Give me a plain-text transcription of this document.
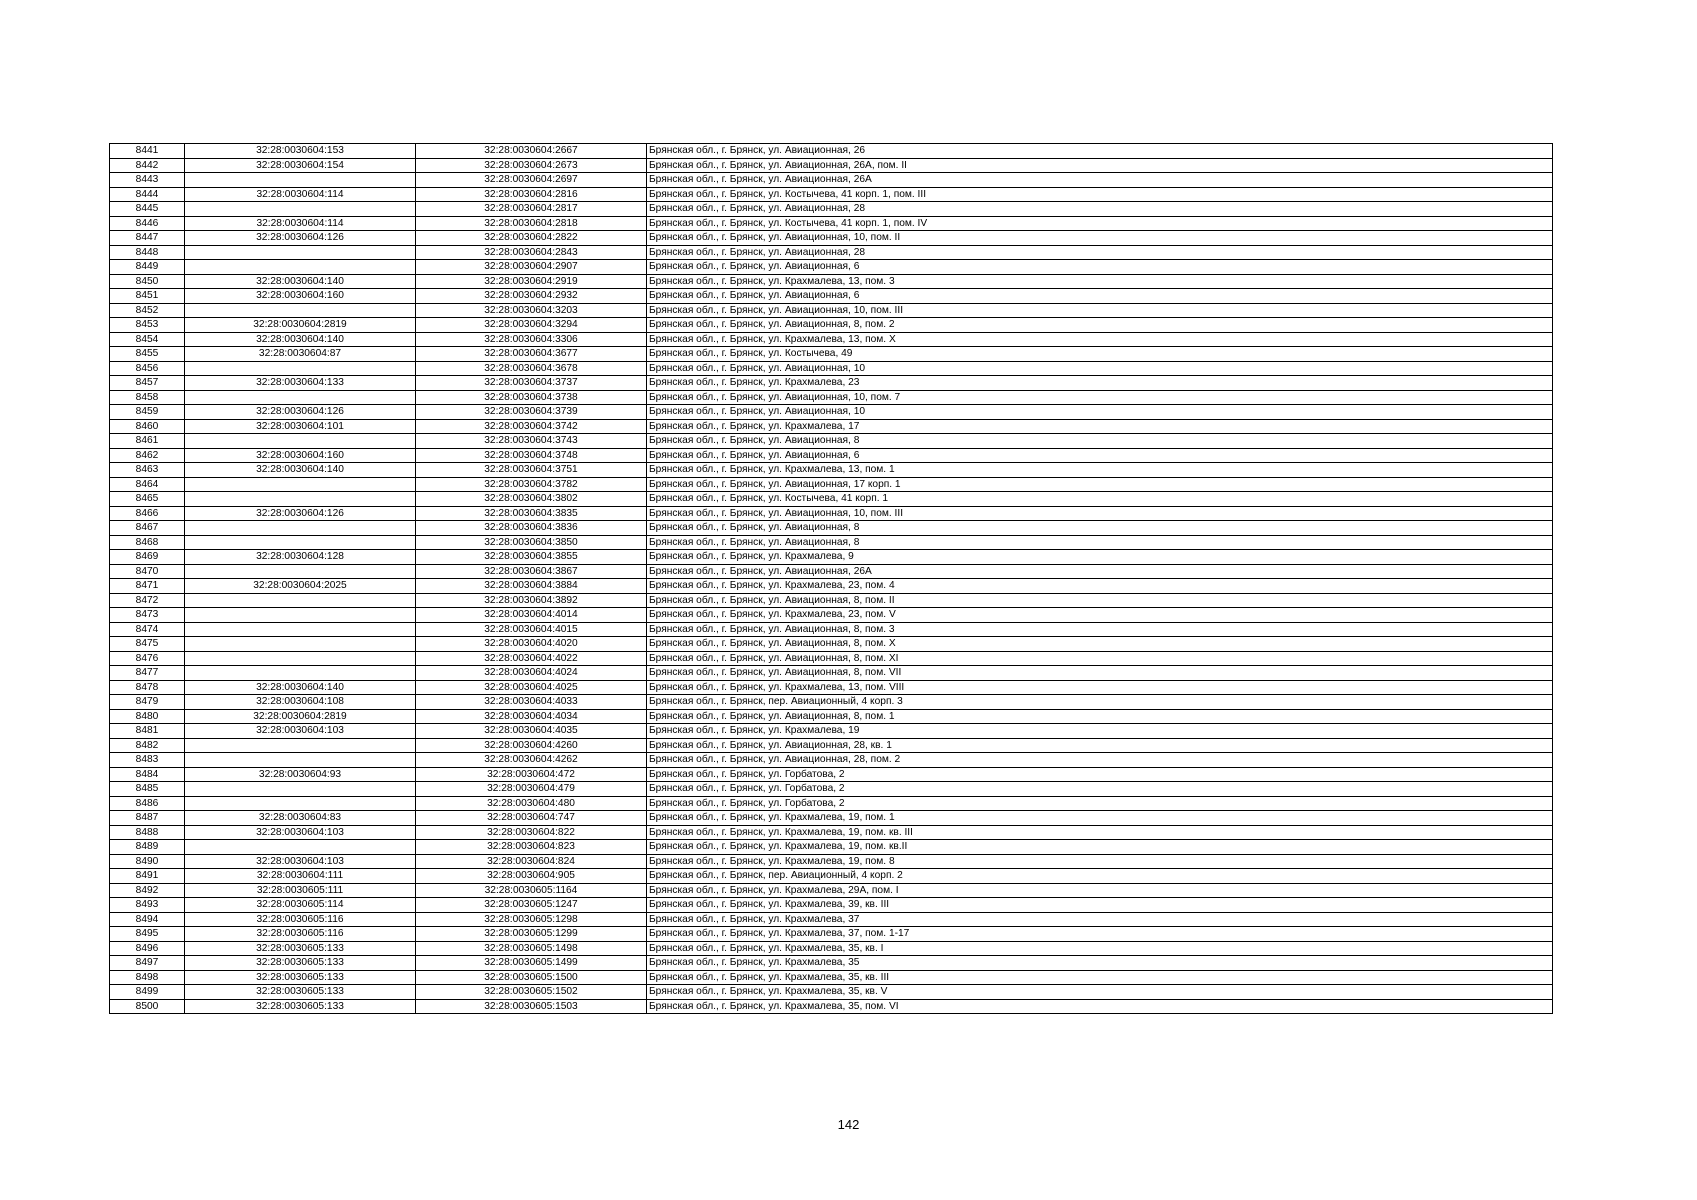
8441	32:28:0030604:153	32:28:0030604:2667	Брянская обл., г. Брянск, ул. Авиационная, 26
8442	32:28:0030604:154	32:28:0030604:2673	Брянская обл., г. Брянск, ул. Авиационная, 26А, пом. II
8443		32:28:0030604:2697	Брянская обл., г. Брянск, ул. Авиационная, 26А
8444	32:28:0030604:114	32:28:0030604:2816	Брянская обл., г. Брянск, ул. Костычева, 41 корп. 1, пом. III
8445		32:28:0030604:2817	Брянская обл., г. Брянск, ул. Авиационная, 28
8446	32:28:0030604:114	32:28:0030604:2818	Брянская обл., г. Брянск, ул. Костычева, 41 корп. 1, пом. IV
8447	32:28:0030604:126	32:28:0030604:2822	Брянская обл., г. Брянск, ул. Авиационная, 10, пом. II
8448		32:28:0030604:2843	Брянская обл., г. Брянск, ул. Авиационная, 28
8449		32:28:0030604:2907	Брянская обл., г. Брянск, ул. Авиационная, 6
8450	32:28:0030604:140	32:28:0030604:2919	Брянская обл., г. Брянск, ул. Крахмалева, 13, пом. 3
8451	32:28:0030604:160	32:28:0030604:2932	Брянская обл., г. Брянск, ул. Авиационная, 6
8452		32:28:0030604:3203	Брянская обл., г. Брянск, ул. Авиационная, 10, пом. III
8453	32:28:0030604:2819	32:28:0030604:3294	Брянская обл., г. Брянск, ул. Авиационная, 8, пом. 2
8454	32:28:0030604:140	32:28:0030604:3306	Брянская обл., г. Брянск, ул. Крахмалева, 13, пом. X
8455	32:28:0030604:87	32:28:0030604:3677	Брянская обл., г. Брянск, ул. Костычева, 49
8456		32:28:0030604:3678	Брянская обл., г. Брянск, ул. Авиационная, 10
8457	32:28:0030604:133	32:28:0030604:3737	Брянская обл., г. Брянск, ул. Крахмалева, 23
8458		32:28:0030604:3738	Брянская обл., г. Брянск, ул. Авиационная, 10, пом. 7
8459	32:28:0030604:126	32:28:0030604:3739	Брянская обл., г. Брянск, ул. Авиационная, 10
8460	32:28:0030604:101	32:28:0030604:3742	Брянская обл., г. Брянск, ул. Крахмалева, 17
8461		32:28:0030604:3743	Брянская обл., г. Брянск, ул. Авиационная, 8
8462	32:28:0030604:160	32:28:0030604:3748	Брянская обл., г. Брянск, ул. Авиационная, 6
8463	32:28:0030604:140	32:28:0030604:3751	Брянская обл., г. Брянск, ул. Крахмалева, 13, пом. 1
8464		32:28:0030604:3782	Брянская обл., г. Брянск, ул. Авиационная, 17 корп. 1
8465		32:28:0030604:3802	Брянская обл., г. Брянск, ул. Костычева, 41 корп. 1
8466	32:28:0030604:126	32:28:0030604:3835	Брянская обл., г. Брянск, ул. Авиационная, 10, пом. III
8467		32:28:0030604:3836	Брянская обл., г. Брянск, ул. Авиационная, 8
8468		32:28:0030604:3850	Брянская обл., г. Брянск, ул. Авиационная, 8
8469	32:28:0030604:128	32:28:0030604:3855	Брянская обл., г. Брянск, ул. Крахмалева, 9
8470		32:28:0030604:3867	Брянская обл., г. Брянск, ул. Авиационная, 26А
8471	32:28:0030604:2025	32:28:0030604:3884	Брянская обл., г. Брянск, ул. Крахмалева, 23, пом. 4
8472		32:28:0030604:3892	Брянская обл., г. Брянск, ул. Авиационная, 8, пом. II
8473		32:28:0030604:4014	Брянская обл., г. Брянск, ул. Крахмалева, 23, пом. V
8474		32:28:0030604:4015	Брянская обл., г. Брянск, ул. Авиационная, 8, пом. 3
8475		32:28:0030604:4020	Брянская обл., г. Брянск, ул. Авиационная, 8, пом. X
8476		32:28:0030604:4022	Брянская обл., г. Брянск, ул. Авиационная, 8, пом. XI
8477		32:28:0030604:4024	Брянская обл., г. Брянск, ул. Авиационная, 8, пом. VII
8478	32:28:0030604:140	32:28:0030604:4025	Брянская обл., г. Брянск, ул. Крахмалева, 13, пом. VIII
8479	32:28:0030604:108	32:28:0030604:4033	Брянская обл., г. Брянск, пер. Авиационный, 4 корп. 3
8480	32:28:0030604:2819	32:28:0030604:4034	Брянская обл., г. Брянск, ул. Авиационная, 8, пом. 1
8481	32:28:0030604:103	32:28:0030604:4035	Брянская обл., г. Брянск, ул. Крахмалева, 19
8482		32:28:0030604:4260	Брянская обл., г. Брянск, ул. Авиационная, 28, кв. 1
8483		32:28:0030604:4262	Брянская обл., г. Брянск, ул. Авиационная, 28, пом. 2
8484	32:28:0030604:93	32:28:0030604:472	Брянская обл., г. Брянск, ул. Горбатова, 2
8485		32:28:0030604:479	Брянская обл., г. Брянск, ул. Горбатова, 2
8486		32:28:0030604:480	Брянская обл., г. Брянск, ул. Горбатова, 2
8487	32:28:0030604:83	32:28:0030604:747	Брянская обл., г. Брянск, ул. Крахмалева, 19, пом. 1
8488	32:28:0030604:103	32:28:0030604:822	Брянская обл., г. Брянск, ул. Крахмалева, 19, пом. кв. III
8489		32:28:0030604:823	Брянская обл., г. Брянск, ул. Крахмалева, 19, пом. кв.II
8490	32:28:0030604:103	32:28:0030604:824	Брянская обл., г. Брянск, ул. Крахмалева, 19, пом. 8
8491	32:28:0030604:111	32:28:0030604:905	Брянская обл., г. Брянск, пер. Авиационный, 4 корп. 2
8492	32:28:0030605:111	32:28:0030605:1164	Брянская обл., г. Брянск, ул. Крахмалева, 29А, пом. I
8493	32:28:0030605:114	32:28:0030605:1247	Брянская обл., г. Брянск, ул. Крахмалева, 39, кв. III
8494	32:28:0030605:116	32:28:0030605:1298	Брянская обл., г. Брянск, ул. Крахмалева, 37
8495	32:28:0030605:116	32:28:0030605:1299	Брянская обл., г. Брянск, ул. Крахмалева, 37, пом. 1-17
8496	32:28:0030605:133	32:28:0030605:1498	Брянская обл., г. Брянск, ул. Крахмалева, 35, кв. I
8497	32:28:0030605:133	32:28:0030605:1499	Брянская обл., г. Брянск, ул. Крахмалева, 35
8498	32:28:0030605:133	32:28:0030605:1500	Брянская обл., г. Брянск, ул. Крахмалева, 35, кв. III
8499	32:28:0030605:133	32:28:0030605:1502	Брянская обл., г. Брянск, ул. Крахмалева, 35, кв. V
8500	32:28:0030605:133	32:28:0030605:1503	Брянская обл., г. Брянск, ул. Крахмалева, 35, пом. VI
142
